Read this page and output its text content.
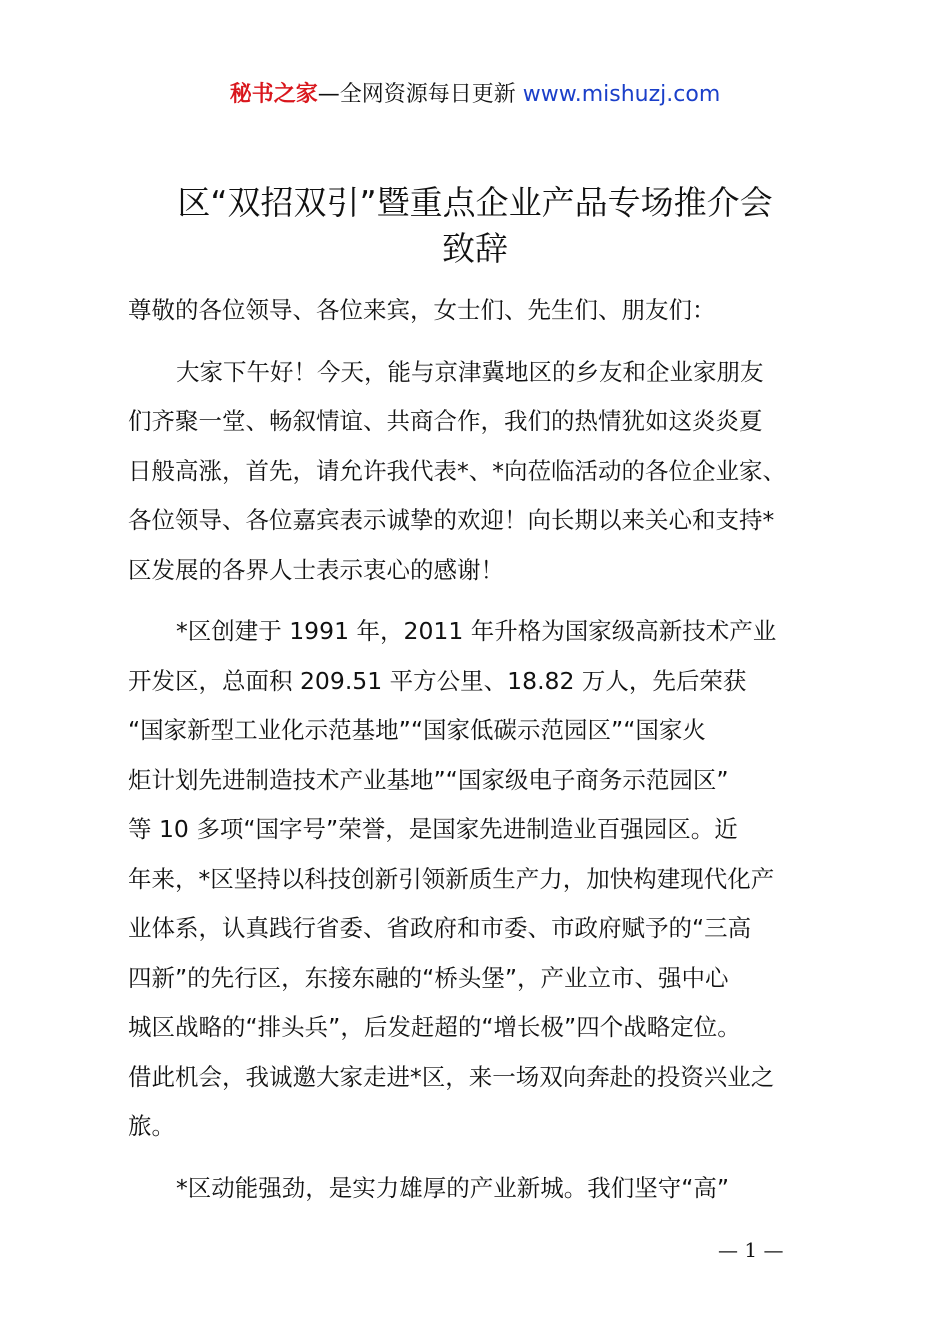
秘书之家—全网资源每日更新 www.mishuzj.com
区“双招双引”暨重点企业产品专场推介会
致辞
尊敬的各位领导、各位来宾，女士们、先生们、朋友们：
大家下午好！今天，能与京津冀地区的乡友和企业家朋友
们齐聚一堂、畅叙情谊、共商合作，我们的热情犹如这炎炎夏
日般高涨，首先，请允许我代表*、*向莅临活动的各位企业家、
各位领导、各位嘉宾表示诚挚的欢迎！向长期以来关心和支持*
区发展的各界人士表示衷心的感谢！
*区创建于 1991 年，2011 年升格为国家级高新技术产业
开发区，总面积 209.51 平方公里、18.82 万人，先后荣获
“国家新型工业化示范基地”“国家低碳示范园区”“国家火
炬计划先进制造技术产业基地”“国家级电子商务示范园区”
等 10 多项“国字号”荣誉，是国家先进制造业百强园区。近
年来，*区坚持以科技创新引领新质生产力，加快构建现代化产
业体系，认真践行省委、省政府和市委、市政府赋予的“三高
四新”的先行区，东接东融的“桥头堡”，产业立市、强中心
城区战略的“排头兵”，后发赶超的“增长极”四个战略定位。
借此机会，我诚邀大家走进*区，来一场双向奔赴的投资兴业之
旅。
*区动能强劲，是实力雄厚的产业新城。我们坚守“高”
— 1 —
